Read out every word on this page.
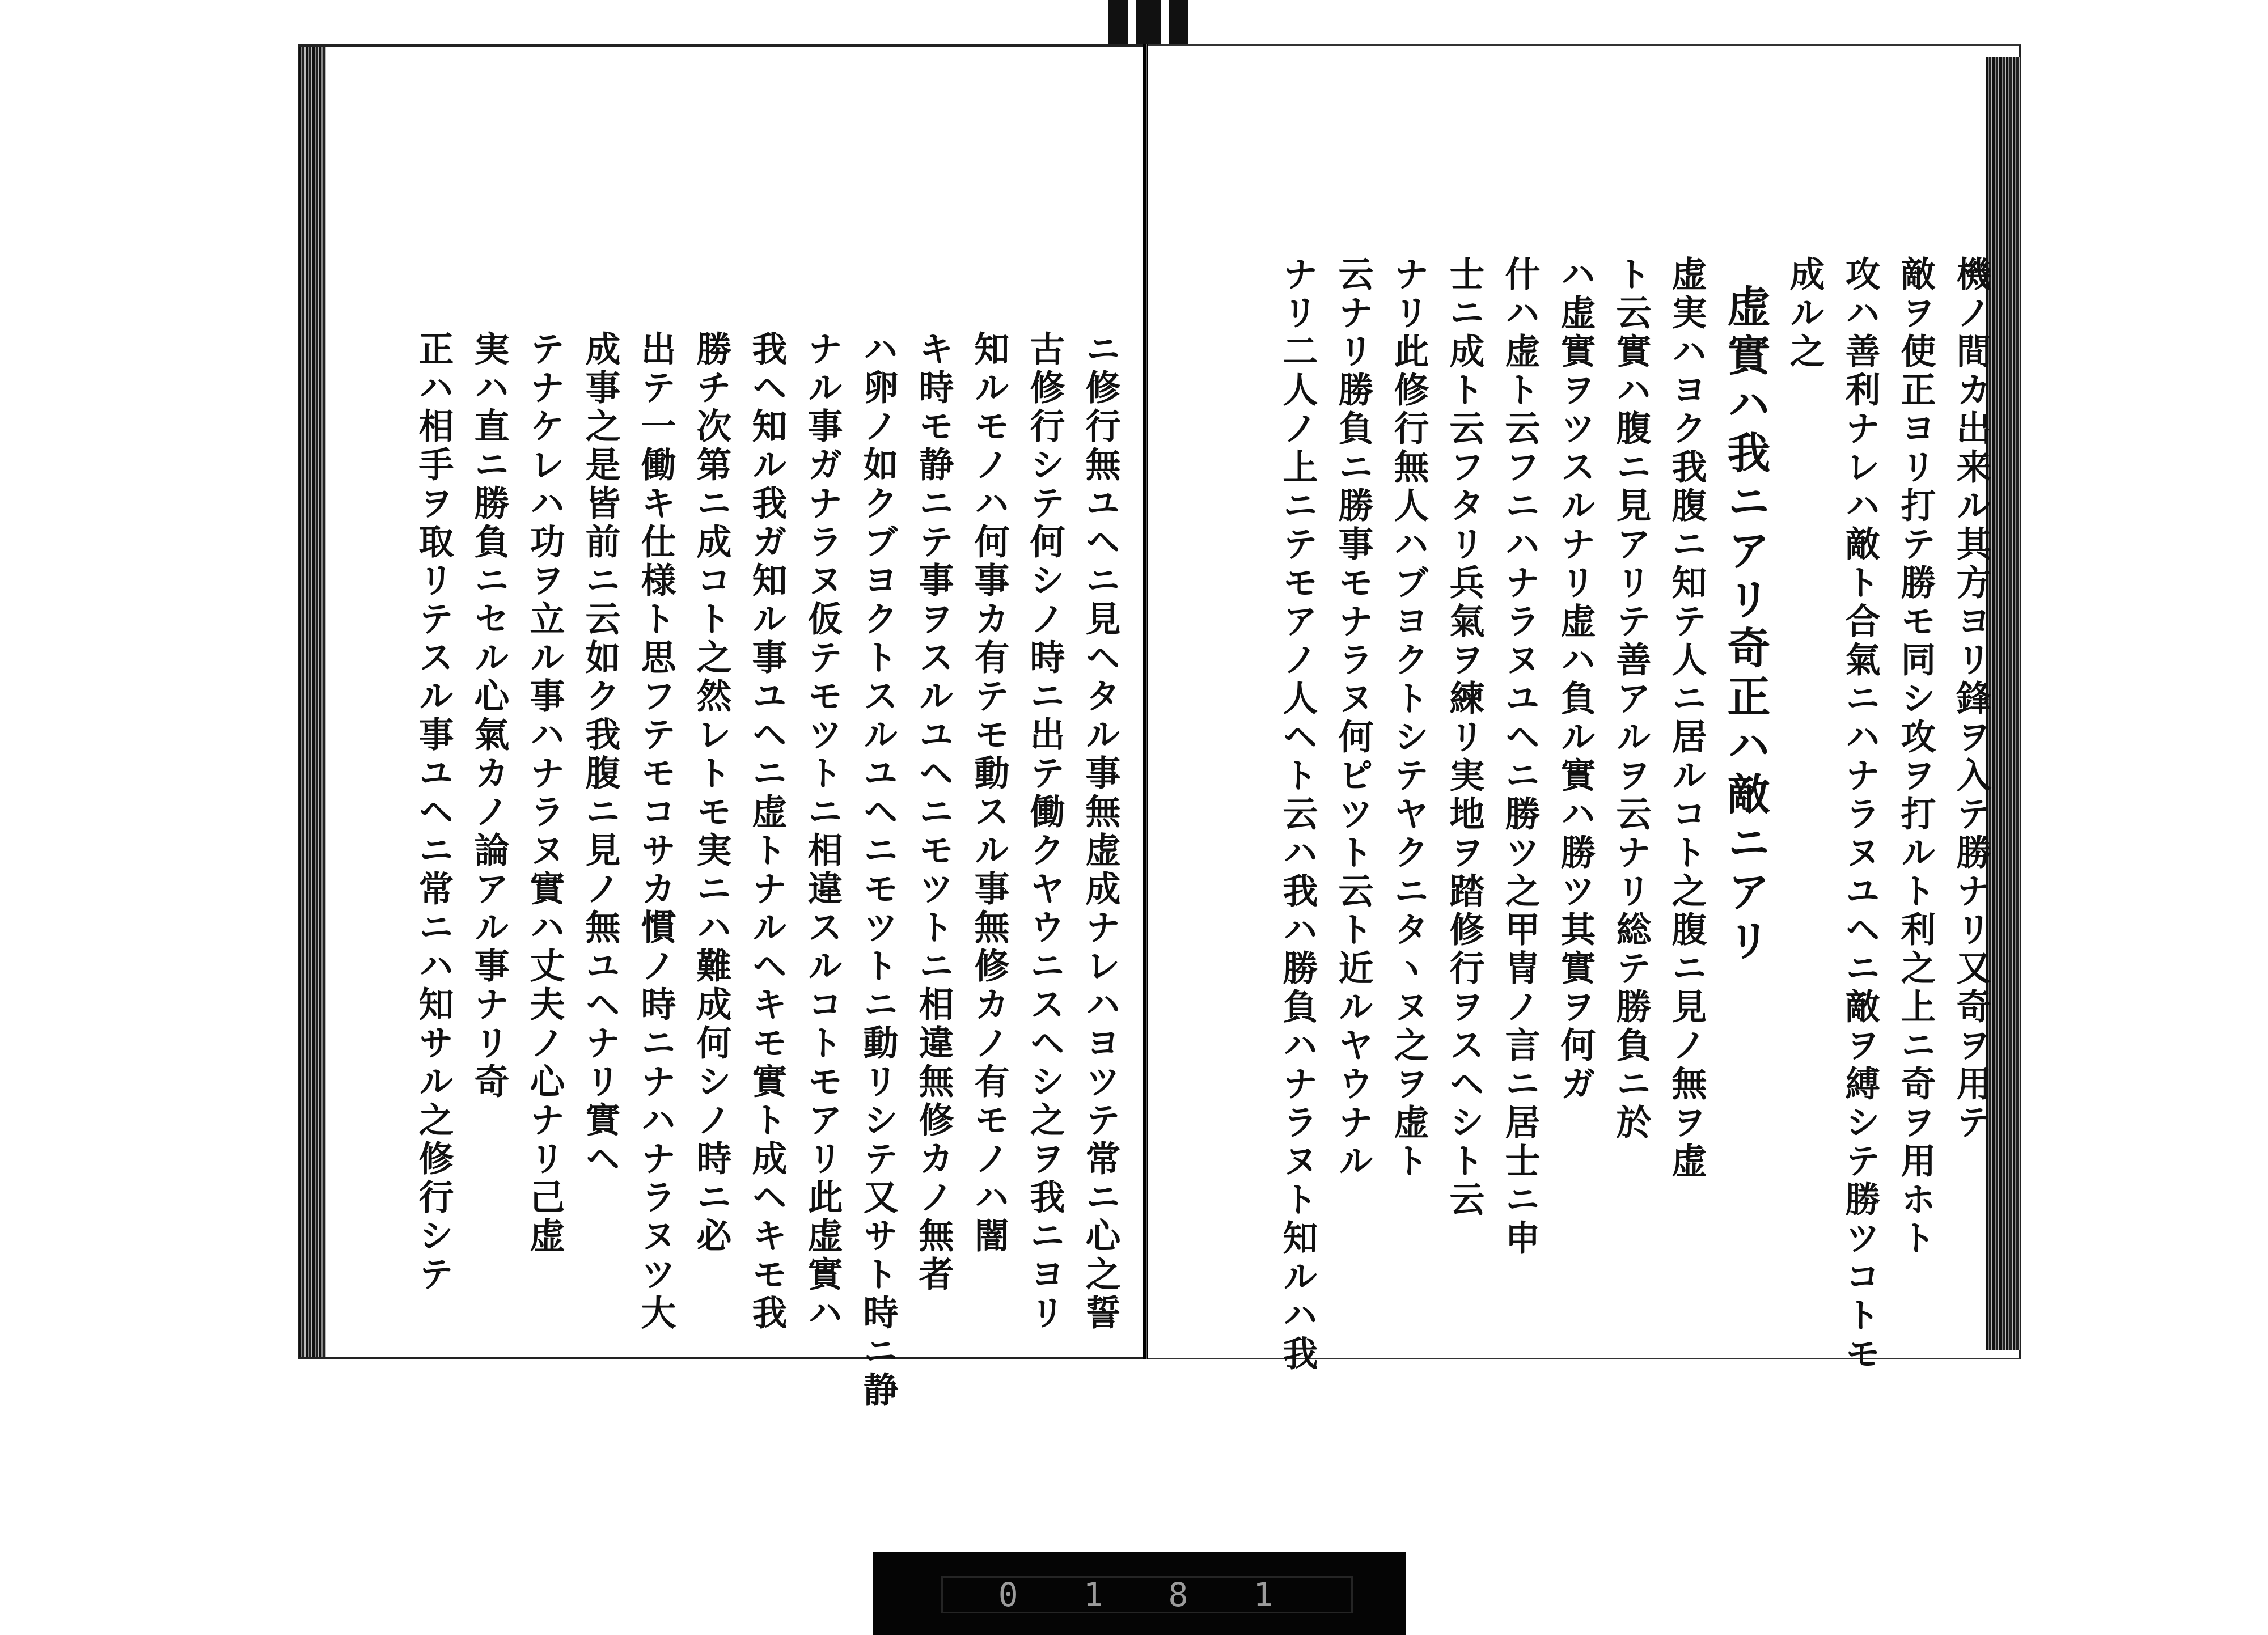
ニ修行無ユヘニ見ヘタル事無虚成ナレハヨツテ常ニ心之誓
古修行シテ何シノ時ニ出テ働クヤウニスヘシ之ヲ我ニヨリ
知ルモノハ何事カ有テモ動スル事無修カノ有モノハ闇
キ時モ静ニテ事ヲスルユヘニモツトニ相違無修カノ無者
ハ卵ノ如クブヨクトスルユヘニモツトニ動リシテ又サト時ニ静
ナル事ガナラヌ仮テモツトニ相違スルコトモアリ此虚實ハ
我ヘ知ル我ガ知ル事ユヘニ虚トナルヘキモ實ト成ヘキモ我
勝チ次第ニ成コト之然レトモ実ニハ難成何シノ時ニ必
出テ一働キ仕様ト思フテモコサカ慣ノ時ニナハナラヌツ大
成事之是皆前ニ云如ク我腹ニ見ノ無ユヘナリ實ヘ
テナケレハ功ヲ立ル事ハナラヌ實ハ丈夫ノ心ナリ己虚
実ハ直ニ勝負ニセル心氣カノ論アル事ナリ奇
正ハ相手ヲ取リテスル事ユヘニ常ニハ知サル之修行シテ	機ノ間カ出来ル其方ヨリ鋒ヲ入テ勝ナリ又奇ヲ用テ
敵ヲ使正ヨリ打テ勝モ同シ攻ヲ打ルト利之上ニ奇ヲ用ホト
攻ハ善利ナレハ敵ト合氣ニハナラヌユヘニ敵ヲ縛シテ勝ツコトモ
成ル之
虚實ハ我ニアリ奇正ハ敵ニアリ
虚実ハヨク我腹ニ知テ人ニ居ルコト之腹ニ見ノ無ヲ虚
ト云實ハ腹ニ見アリテ善アルヲ云ナリ総テ勝負ニ於
ハ虚實ヲツスルナリ虚ハ負ル實ハ勝ツ其實ヲ何ガ
什ハ虚ト云フニハナラヌユヘニ勝ツ之甲冑ノ言ニ居士ニ申
士ニ成ト云フタリ兵氣ヲ練リ実地ヲ踏修行ヲスヘシト云
ナリ此修行無人ハブヨクトシテヤクニタヽヌ之ヲ虚ト
云ナリ勝負ニ勝事モナラヌ何ピツト云ト近ルヤウナル
ナリ二人ノ上ニテモアノ人ヘト云ハ我ハ勝負ハナラヌト知ルハ我
0 1 8 1
